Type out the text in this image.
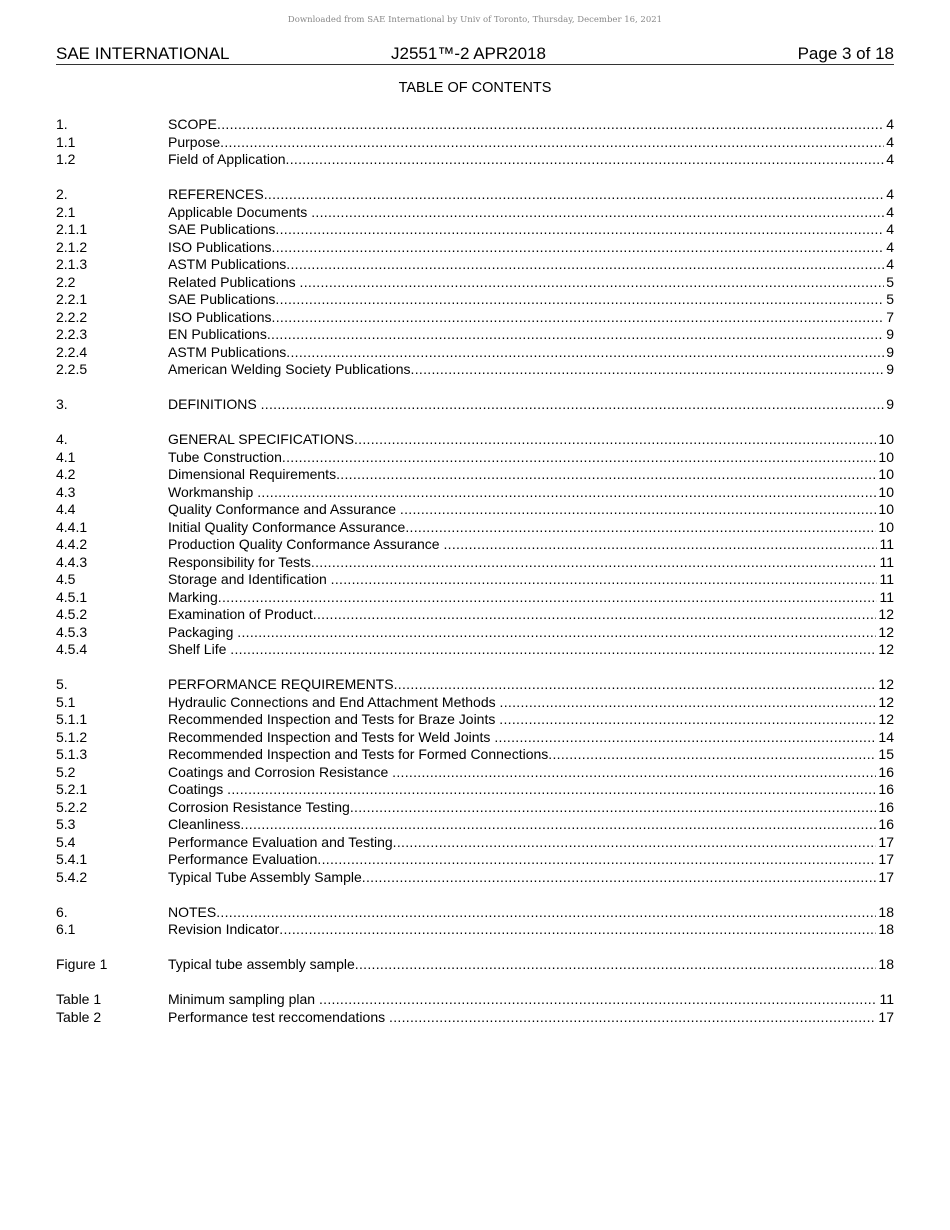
Downloaded from SAE International by Univ of Toronto, Thursday, December 16, 2021
SAE INTERNATIONAL	J2551™-2 APR2018	Page 3 of 18
TABLE OF CONTENTS
1.	SCOPE .....	4
1.1	Purpose .....	4
1.2	Field of Application .....	4
2.	REFERENCES .....	4
2.1	Applicable Documents .....	4
2.1.1	SAE Publications .....	4
2.1.2	ISO Publications .....	4
2.1.3	ASTM Publications .....	4
2.2	Related Publications .....	5
2.2.1	SAE Publications .....	5
2.2.2	ISO Publications .....	7
2.2.3	EN Publications .....	9
2.2.4	ASTM Publications .....	9
2.2.5	American Welding Society Publications .....	9
3.	DEFINITIONS .....	9
4.	GENERAL SPECIFICATIONS .....	10
4.1	Tube Construction .....	10
4.2	Dimensional Requirements .....	10
4.3	Workmanship .....	10
4.4	Quality Conformance and Assurance .....	10
4.4.1	Initial Quality Conformance Assurance .....	10
4.4.2	Production Quality Conformance Assurance .....	11
4.4.3	Responsibility for Tests .....	11
4.5	Storage and Identification .....	11
4.5.1	Marking .....	11
4.5.2	Examination of Product .....	12
4.5.3	Packaging .....	12
4.5.4	Shelf Life .....	12
5.	PERFORMANCE REQUIREMENTS .....	12
5.1	Hydraulic Connections and End Attachment Methods .....	12
5.1.1	Recommended Inspection and Tests for Braze Joints .....	12
5.1.2	Recommended Inspection and Tests for Weld Joints .....	14
5.1.3	Recommended Inspection and Tests for Formed Connections .....	15
5.2	Coatings and Corrosion Resistance .....	16
5.2.1	Coatings .....	16
5.2.2	Corrosion Resistance Testing .....	16
5.3	Cleanliness .....	16
5.4	Performance Evaluation and Testing .....	17
5.4.1	Performance Evaluation .....	17
5.4.2	Typical Tube Assembly Sample .....	17
6.	NOTES .....	18
6.1	Revision Indicator .....	18
Figure 1	Typical tube assembly sample .....	18
Table 1	Minimum sampling plan .....	11
Table 2	Performance test reccomendations .....	17
